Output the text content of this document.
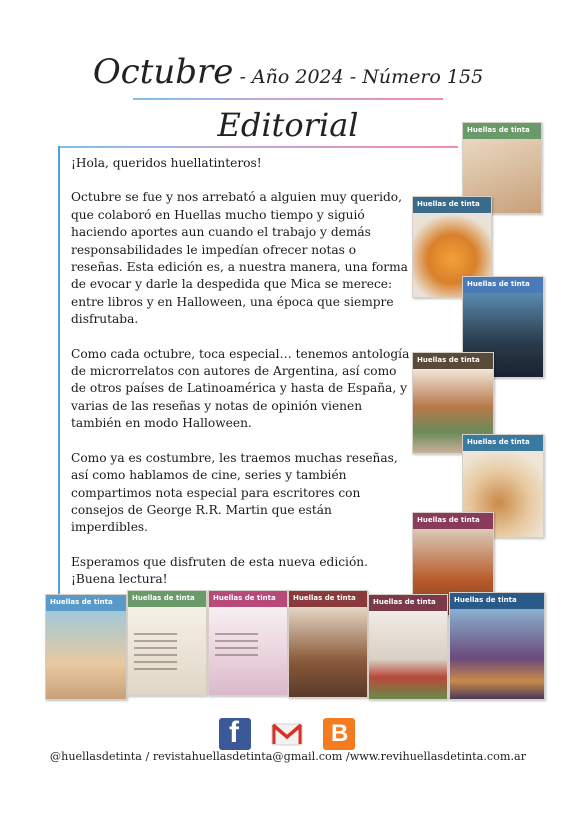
Octubre - Año 2024 - Número 155
Editorial

¡Hola, queridos huellatinteros!

Octubre se fue y nos arrebató a alguien muy querido, que colaboró en Huellas mucho tiempo y siguió haciendo aportes aun cuando el trabajo y demás responsabilidades le impedían ofrecer notas o reseñas. Esta edición es, a nuestra manera, una forma de evocar y darle la despedida que Mica se merece: entre libros y en Halloween, una época que siempre disfrutaba.

Como cada octubre, toca especial… tenemos antología de microrrelatos con autores de Argentina, así como de otros países de Latinoamérica y hasta de España, y varias de las reseñas y notas de opinión vienen también en modo Halloween.

Como ya es costumbre, les traemos muchas reseñas, así como hablamos de cine, series y también compartimos nota especial para escritores con consejos de George R.R. Martin que están imperdibles.

Esperamos que disfruten de esta nueva edición.

¡Buena lectura!

Huellas de tinta
Huellas de tinta
Huellas de tinta
Huellas de tinta
Huellas de tinta
Huellas de tinta
Huellas de tinta	Huellas de tinta	Huellas de tinta Huellas de tinta Huellas de tinta	Huellas de tinta
f	B
@huellasdetinta / revistahuellasdetinta@gmail.com /www.revihuellasdetinta.com.ar
